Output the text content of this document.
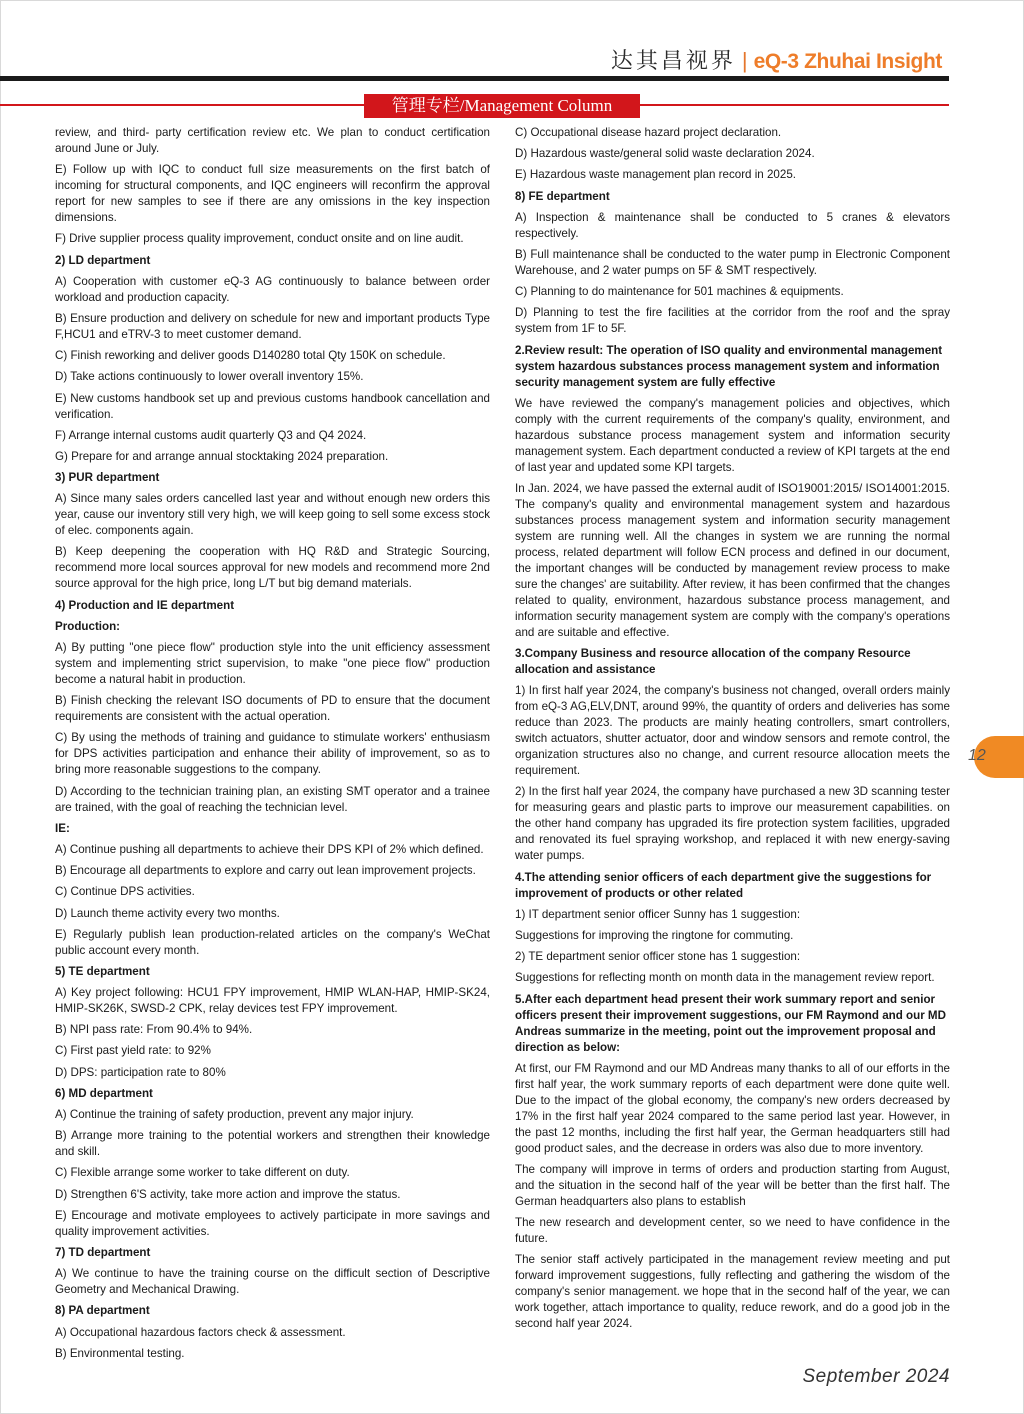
达其昌视界 | eQ-3 Zhuhai Insight
管理专栏/Management Column

review, and third- party certification review etc. We plan to conduct certification around June or July.

E) Follow up with IQC to conduct full size measurements on the first batch of incoming for structural components, and IQC engineers will reconfirm the approval report for new samples to see if there are any omissions in the key inspection dimensions.

F) Drive supplier process quality improvement, conduct onsite and on line audit.

2) LD department

A) Cooperation with customer eQ-3 AG continuously to balance between order workload and production capacity.

B) Ensure production and delivery on schedule for new and important products Type F,HCU1 and eTRV-3 to meet customer demand.

C) Finish reworking and deliver goods D140280 total Qty 150K on schedule.

D) Take actions continuously to lower overall inventory 15%.

E) New customs handbook set up and previous customs handbook cancellation and verification.

F) Arrange internal customs audit quarterly Q3 and Q4 2024.

G) Prepare for and arrange annual stocktaking 2024 preparation.

3) PUR department

A) Since many sales orders cancelled last year and without enough new orders this year, cause our inventory still very high, we will keep going to sell some excess stock of elec. components again.

B) Keep deepening the cooperation with HQ R&D and Strategic Sourcing, recommend more local sources approval for new models and recommend more 2nd source approval for the high price, long L/T but big demand materials.

4) Production and IE department

Production:

A) By putting "one piece flow" production style into the unit efficiency assessment system and implementing strict supervision, to make "one piece flow" production become a natural habit in production.

B) Finish checking the relevant ISO documents of PD to ensure that the document requirements are consistent with the actual operation.

C) By using the methods of training and guidance to stimulate workers' enthusiasm for DPS activities participation and enhance their ability of improvement, so as to bring more reasonable suggestions to the company.

D) According to the technician training plan, an existing SMT operator and a trainee are trained, with the goal of reaching the technician level.

IE:

A) Continue pushing all departments to achieve their DPS KPI of 2% which defined.

B) Encourage all departments to explore and carry out lean improvement projects.

C) Continue DPS activities.

D) Launch theme activity every two months.

E) Regularly publish lean production-related articles on the company's WeChat public account every month.

5) TE department

A) Key project following: HCU1 FPY improvement, HMIP WLAN-HAP, HMIP-SK24, HMIP-SK26K, SWSD-2 CPK, relay devices test FPY improvement.

B) NPI pass rate: From 90.4% to 94%.

C) First past yield rate: to 92%

D) DPS: participation rate to 80%

6) MD department

A) Continue the training of safety production, prevent any major injury.

B) Arrange more training to the potential workers and strengthen their knowledge and skill.

C) Flexible arrange some worker to take different on duty.

D) Strengthen 6'S activity, take more action and improve the status.

E) Encourage and motivate employees to actively participate in more savings and quality improvement activities.

7) TD department

A) We continue to have the training course on the difficult section of Descriptive Geometry and Mechanical Drawing.

8) PA department

A) Occupational hazardous factors check & assessment.

B) Environmental testing.

C) Occupational disease hazard project declaration.

D) Hazardous waste/general solid waste declaration 2024.

E) Hazardous waste management plan record in 2025.

8) FE department

A) Inspection & maintenance shall be conducted to 5 cranes & elevators respectively.

B) Full maintenance shall be conducted to the water pump in Electronic Component Warehouse, and 2 water pumps on 5F & SMT respectively.

C) Planning to do maintenance for 501 machines & equipments.

D) Planning to test the fire facilities at the corridor from the roof and the spray system from 1F to 5F.

2.Review result: The operation of ISO quality and environmental management system hazardous substances process management system and information security management system are fully effective

We have reviewed the company's management policies and objectives, which comply with the current requirements of the company's quality, environment, and hazardous substance process management system and information security management system. Each department conducted a review of KPI targets at the end of last year and updated some KPI targets.

In Jan. 2024, we have passed the external audit of ISO19001:2015/ ISO14001:2015. The company's quality and environmental management system and hazardous substances process management system and information security management system are running well. All the changes in system we are running the normal process, related department will follow ECN process and defined in our document, the important changes will be conducted by management review process to make sure the changes' are suitability. After review, it has been confirmed that the changes related to quality, environment, hazardous substance process management, and information security management system are comply with the company's operations and are suitable and effective.

3.Company Business and resource allocation of the company Resource allocation and assistance

1) In first half year 2024, the company's business not changed, overall orders mainly from eQ-3 AG,ELV,DNT, around 99%, the quantity of orders and deliveries has some reduce than 2023. The products are mainly heating controllers, smart controllers, switch actuators, shutter actuator, door and window sensors and remote control, the organization structures also no change, and current resource allocation meets the requirement.

2) In the first half year 2024, the company have purchased a new 3D scanning tester for measuring gears and plastic parts to improve our measurement capabilities. on the other hand company has upgraded its fire protection system facilities, upgraded and renovated its fuel spraying workshop, and replaced it with new energy-saving water pumps.

4.The attending senior officers of each department give the suggestions for improvement of products or other related

1) IT department senior officer Sunny has 1 suggestion:

Suggestions for improving the ringtone for commuting.

2) TE department senior officer stone has 1 suggestion:

Suggestions for reflecting month on month data in the management review report.

5.After each department head present their work summary report and senior officers present their improvement suggestions, our FM Raymond and our MD Andreas summarize in the meeting, point out the improvement proposal and direction as below:

At first, our FM Raymond and our MD Andreas many thanks to all of our efforts in the first half year, the work summary reports of each department were done quite well. Due to the impact of the global economy, the company's new orders decreased by 17% in the first half year 2024 compared to the same period last year. However, in the past 12 months, including the first half year, the German headquarters still had good product sales, and the decrease in orders was also due to more inventory.

The company will improve in terms of orders and production starting from August, and the situation in the second half of the year will be better than the first half. The German headquarters also plans to establish

The new research and development center, so we need to have confidence in the future.

The senior staff actively participated in the management review meeting and put forward improvement suggestions, fully reflecting and gathering the wisdom of the company's senior management. we hope that in the second half of the year, we can work together, attach importance to quality, reduce rework, and do a good job in the second half year 2024.

12
September 2024
